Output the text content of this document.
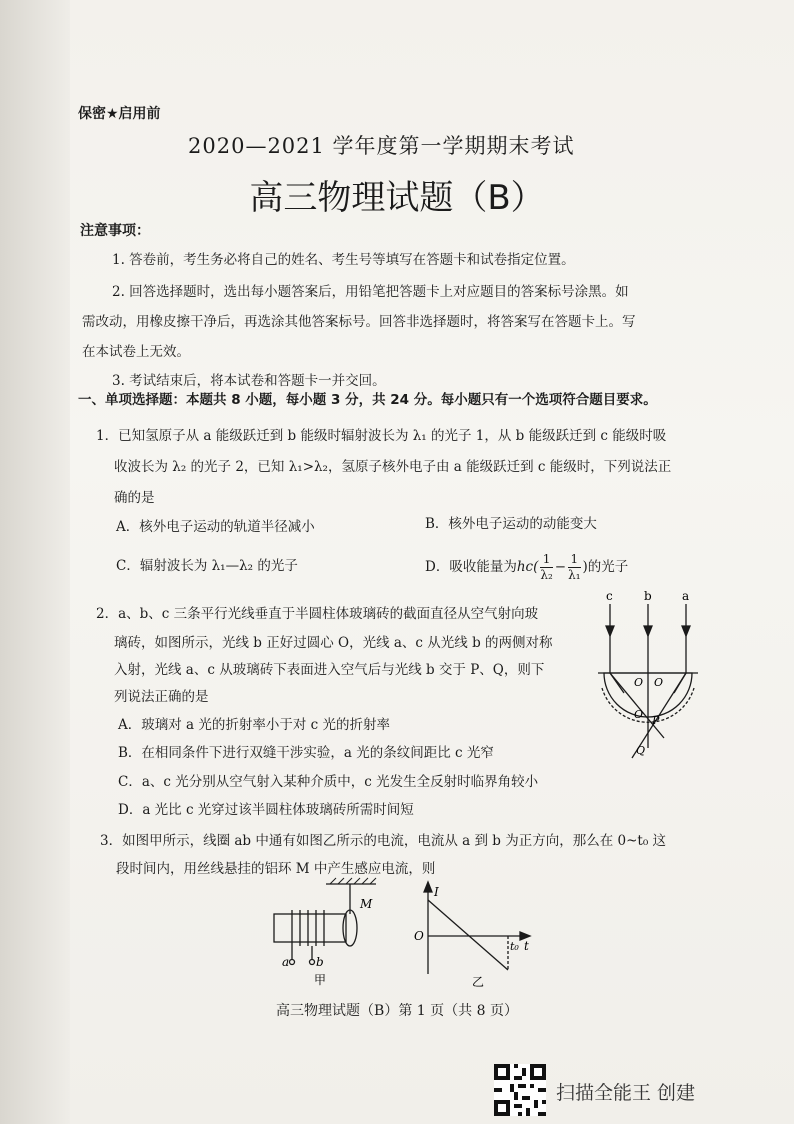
保密★启用前
2020—2021 学年度第一学期期末考试
高三物理试题（B）
注意事项：
1. 答卷前，考生务必将自己的姓名、考生号等填写在答题卡和试卷指定位置。
2. 回答选择题时，选出每小题答案后，用铅笔把答题卡上对应题目的答案标号涂黑。如
需改动，用橡皮擦干净后，再选涂其他答案标号。回答非选择题时，将答案写在答题卡上。写
在本试卷上无效。
3. 考试结束后，将本试卷和答题卡一并交回。
一、单项选择题：本题共 8 小题，每小题 3 分，共 24 分。每小题只有一个选项符合题目要求。
1．已知氢原子从 a 能级跃迁到 b 能级时辐射波长为 λ₁ 的光子 1，从 b 能级跃迁到 c 能级时吸
收波长为 λ₂ 的光子 2，已知 λ₁>λ₂，氢原子核外电子由 a 能级跃迁到 c 能级时，下列说法正
确的是
A．核外电子运动的轨道半径减小	B．核外电子运动的动能变大
C．辐射波长为 λ₁—λ₂ 的光子	D．吸收能量为$hc( \frac{1}{\text{λ₂}} - \frac{1}{\text{λ₁}}$ )的光子
2．a、b、c 三条平行光线垂直于半圆柱体玻璃砖的截面直径从空气射向玻
璃砖，如图所示，光线 b 正好过圆心 O，光线 a、c 从光线 b 的两侧对称
入射，光线 a、c 从玻璃砖下表面进入空气后与光线 b 交于 P、Q，则下
列说法正确的是
A．玻璃对 a 光的折射率小于对 c 光的折射率
B．在相同条件下进行双缝干涉实验，a 光的条纹间距比 c 光窄
C．a、c 光分别从空气射入某种介质中，c 光发生全反射时临界角较小
D．a 光比 c 光穿过该半圆柱体玻璃砖所需时间短
c	b	a
O O
O P
Q
3．如图甲所示，线圈 ab 中通有如图乙所示的电流，电流从 a 到 b 为正方向，那么在 0~t₀ 这
段时间内，用丝线悬挂的铝环 M 中产生感应电流，则
M
a b
甲
I
O
t₀ t
乙
高三物理试题（B）第 1 页（共 8 页）
扫描全能王 创建
